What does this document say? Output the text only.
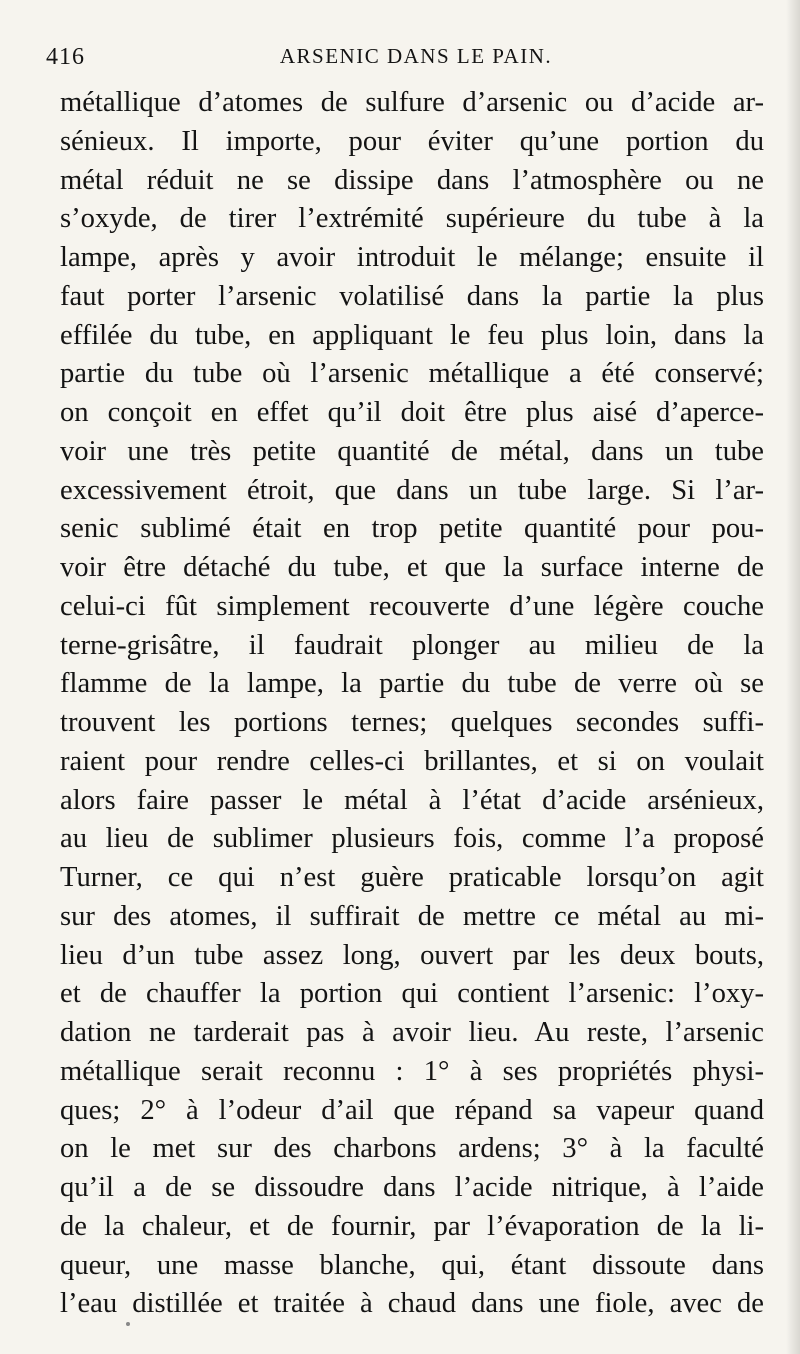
416	ARSENIC DANS LE PAIN.
métallique d’atomes de sulfure d’arsenic ou d’acide ar-
sénieux. Il importe, pour éviter qu’une portion du
métal réduit ne se dissipe dans l’atmosphère ou ne
s’oxyde, de tirer l’extrémité supérieure du tube à la
lampe, après y avoir introduit le mélange; ensuite il
faut porter l’arsenic volatilisé dans la partie la plus
effilée du tube, en appliquant le feu plus loin, dans la
partie du tube où l’arsenic métallique a été conservé;
on conçoit en effet qu’il doit être plus aisé d’aperce-
voir une très petite quantité de métal, dans un tube
excessivement étroit, que dans un tube large. Si l’ar-
senic sublimé était en trop petite quantité pour pou-
voir être détaché du tube, et que la surface interne de
celui-ci fût simplement recouverte d’une légère couche
terne-grisâtre, il faudrait plonger au milieu de la
flamme de la lampe, la partie du tube de verre où se
trouvent les portions ternes; quelques secondes suffi-
raient pour rendre celles-ci brillantes, et si on voulait
alors faire passer le métal à l’état d’acide arsénieux,
au lieu de sublimer plusieurs fois, comme l’a proposé
Turner, ce qui n’est guère praticable lorsqu’on agit
sur des atomes, il suffirait de mettre ce métal au mi-
lieu d’un tube assez long, ouvert par les deux bouts,
et de chauffer la portion qui contient l’arsenic: l’oxy-
dation ne tarderait pas à avoir lieu. Au reste, l’arsenic
métallique serait reconnu : 1° à ses propriétés physi-
ques; 2° à l’odeur d’ail que répand sa vapeur quand
on le met sur des charbons ardens; 3° à la faculté
qu’il a de se dissoudre dans l’acide nitrique, à l’aide
de la chaleur, et de fournir, par l’évaporation de la li-
queur, une masse blanche, qui, étant dissoute dans
l’eau distillée et traitée à chaud dans une fiole, avec de
